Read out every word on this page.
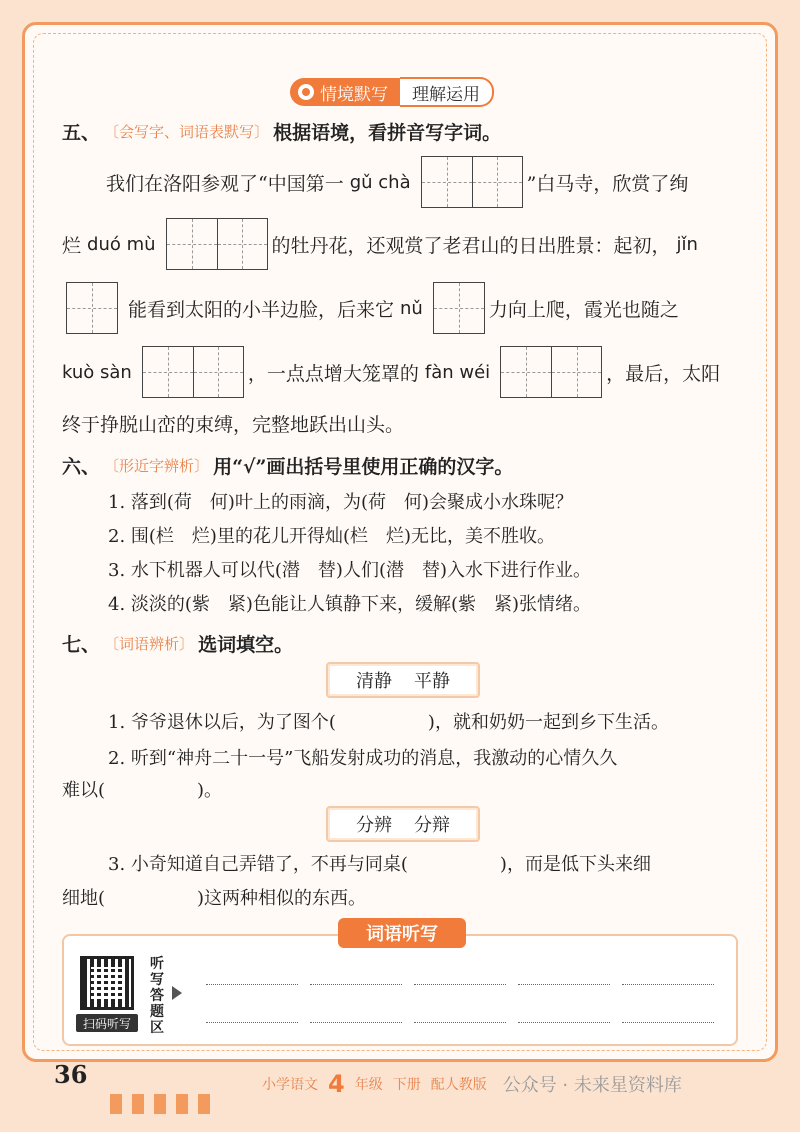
情境默写	理解运用
五、	〔 会写字、词语表默写 〕	根据语境，看拼音写字词。
我们在洛阳参观了“中国第一 gǔ chà	”白马寺，欣赏了绚
烂 duó mù	的牡丹花，还观赏了老君山的日出胜景：起初， jǐn
能看到太阳的小半边脸，后来它 nǔ	力向上爬，霞光也随之
kuò sàn	，一点点增大笼罩的 fàn wéi	，最后，太阳
终于挣脱山峦的束缚，完整地跃出山头。
六、	〔 形近字辨析 〕	用“√”画出括号里使用正确的汉字。
1. 落到(荷　何)叶上的雨滴，为(荷　何)会聚成小水珠呢？
2. 围(栏　烂)里的花儿开得灿(栏　烂)无比，美不胜收。
3. 水下机器人可以代(潜　替)人们(潜　替)入水下进行作业。
4. 淡淡的(紫　紧)色能让人镇静下来，缓解(紫　紧)张情绪。
七、	〔 词语辨析 〕	选词填空。
清静 平静
1. 爷爷退休以后，为了图个(	)，就和奶奶一起到乡下生活。
2. 听到“神舟二十一号”飞船发射成功的消息，我激动的心情久久
难以(	)。
分辨 分辩
3. 小奇知道自己弄错了，不再与同桌(	)，而是低下头来细
细地(	)这两种相似的东西。
词语听写
扫码听写
听写答题区
36	小学语文 4 年级 下册 配人教版 公众号 · 未来星资料库
